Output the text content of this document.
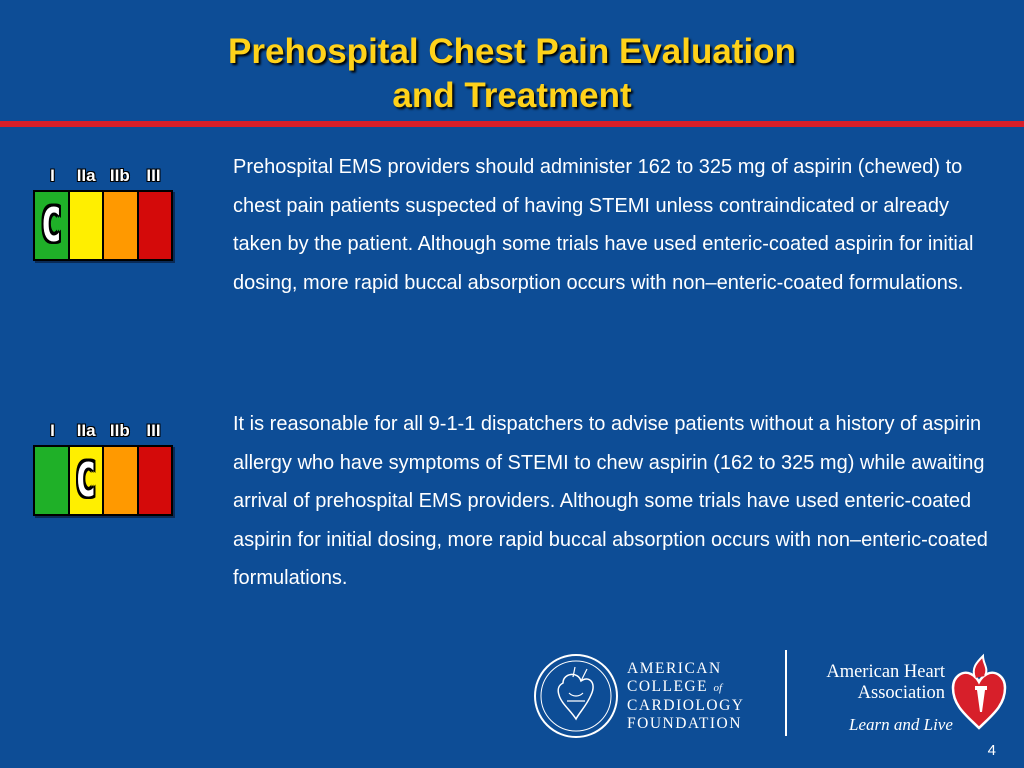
Prehospital Chest Pain Evaluation
and Treatment
I	IIa IIb III
C
Prehospital EMS providers should administer 162 to 325 mg of aspirin (chewed) to chest pain patients suspected of having STEMI unless contraindicated or already taken by the patient. Although some trials have used enteric-coated aspirin for initial dosing, more rapid buccal absorption occurs with non–enteric-coated formulations.
I	IIa IIb III
C
It is reasonable for all 9-1-1 dispatchers to advise patients without a history of aspirin allergy who have symptoms of STEMI to chew aspirin (162 to 325 mg) while awaiting arrival of prehospital EMS providers. Although some trials have used enteric-coated aspirin for initial dosing, more rapid buccal absorption occurs with non–enteric-coated formulations.
AMERICAN
COLLEGE of
CARDIOLOGY
FOUNDATION
American Heart
Association
Learn and Live
4
